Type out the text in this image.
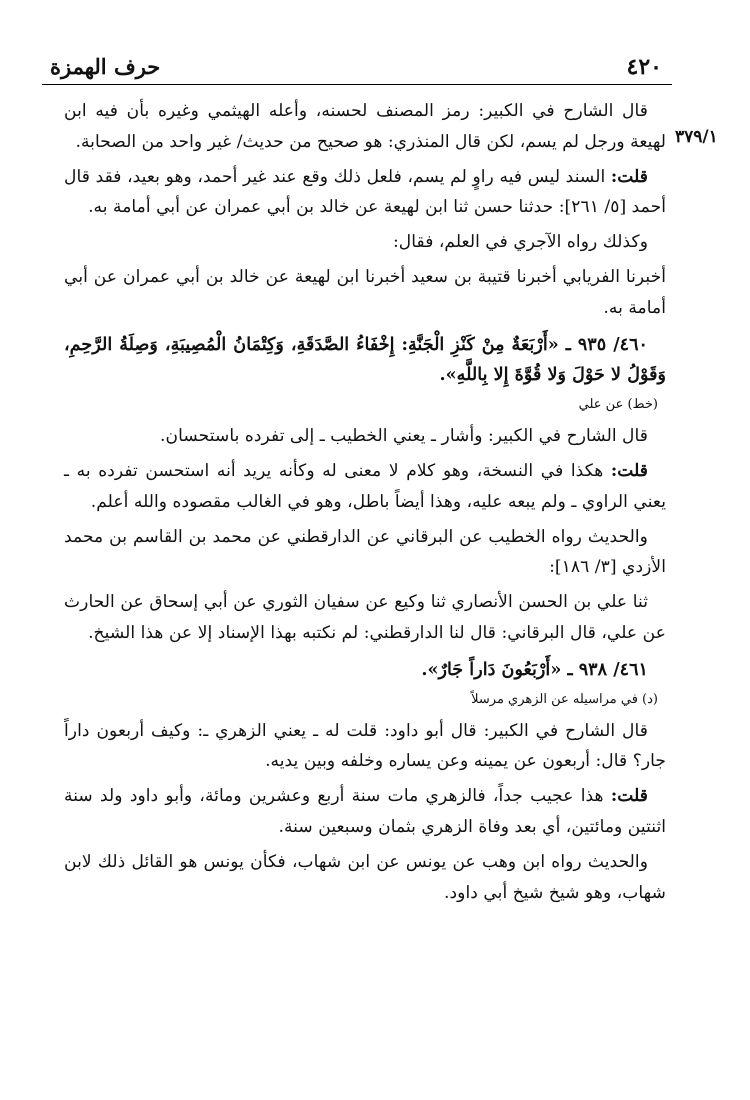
٤٢٠
حرف الهمزة
٣٧٩/١

قال الشارح في الكبير: رمز المصنف لحسنه، وأعله الهيثمي وغيره بأن فيه ابن لهيعة ورجل لم يسم، لكن قال المنذري: هو صحيح من حديث/ غير واحد من الصحابة.

قلت: السند ليس فيه راوٍ لم يسم، فلعل ذلك وقع عند غير أحمد، وهو بعيد، فقد قال أحمد [٥/ ٢٦١]: حدثنا حسن ثنا ابن لهيعة عن خالد بن أبي عمران عن أبي أمامة به.

وكذلك رواه الآجري في العلم، فقال:

أخبرنا الفريابي أخبرنا قتيبة بن سعيد أخبرنا ابن لهيعة عن خالد بن أبي عمران عن أبي أمامة به.

٤٦٠/ ٩٣٥ ـ «أَرْبَعَةٌ مِنْ كَنْزِ الْجَنَّةِ: إِخْفَاءُ الصَّدَقَةِ، وَكِتْمَانُ الْمُصِيبَةِ، وَصِلَةُ الرَّحِمِ، وَقَوْلُ لا حَوْلَ وَلا قُوَّةَ إِلا بِاللَّهِ».

(خط) عن علي

قال الشارح في الكبير: وأشار ـ يعني الخطيب ـ إلى تفرده باستحسان.

قلت: هكذا في النسخة، وهو كلام لا معنى له وكأنه يريد أنه استحسن تفرده به ـ يعني الراوي ـ ولم يبعه عليه، وهذا أيضاً باطل، وهو في الغالب مقصوده والله أعلم.

والحديث رواه الخطيب عن البرقاني عن الدارقطني عن محمد بن القاسم بن محمد الأزدي [٣/ ١٨٦]:

ثنا علي بن الحسن الأنصاري ثنا وكيع عن سفيان الثوري عن أبي إسحاق عن الحارث عن علي، قال البرقاني: قال لنا الدارقطني: لم نكتبه بهذا الإسناد إلا عن هذا الشيخ.

٤٦١/ ٩٣٨ ـ «أَرْبَعُونَ دَاراً جَارٌ».

(د) في مراسيله عن الزهري مرسلاً

قال الشارح في الكبير: قال أبو داود: قلت له ـ يعني الزهري ـ: وكيف أربعون داراً جار؟ قال: أربعون عن يمينه وعن يساره وخلفه وبين يديه.

قلت: هذا عجيب جداً، فالزهري مات سنة أربع وعشرين ومائة، وأبو داود ولد سنة اثنتين ومائتين، أي بعد وفاة الزهري بثمان وسبعين سنة.

والحديث رواه ابن وهب عن يونس عن ابن شهاب، فكأن يونس هو القائل ذلك لابن شهاب، وهو شيخ شيخ أبي داود.
